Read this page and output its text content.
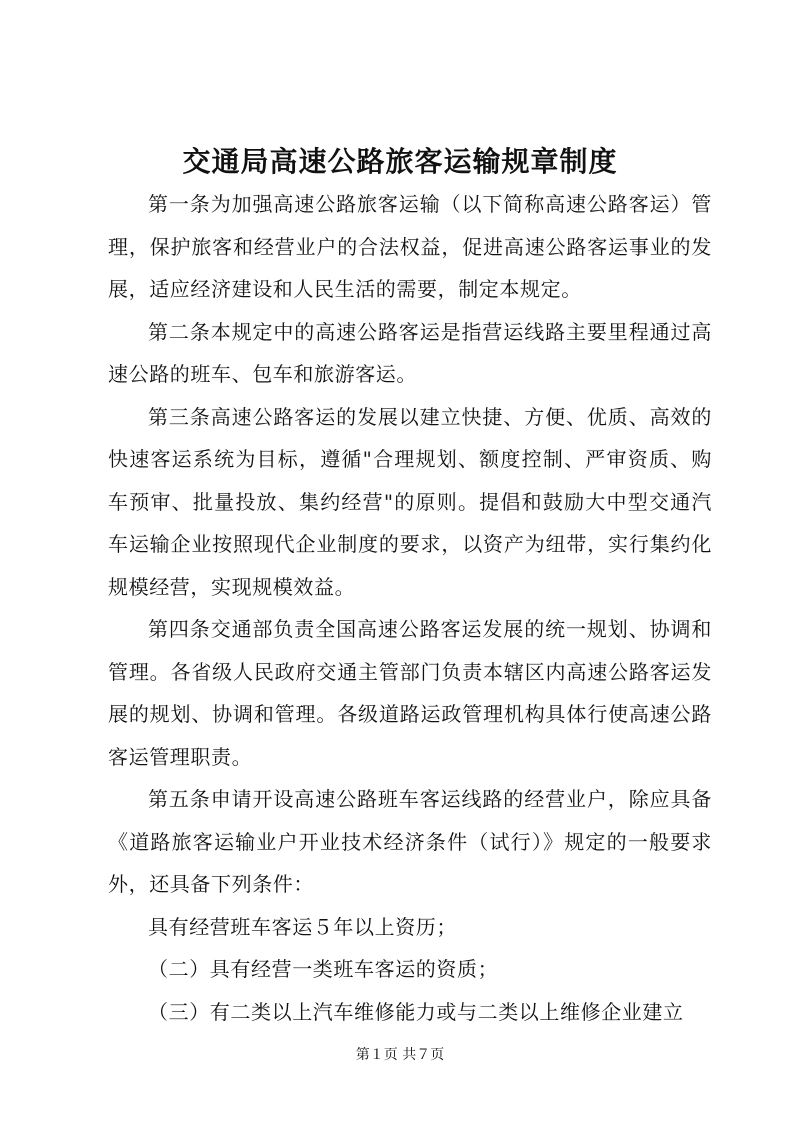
交通局高速公路旅客运输规章制度

第一条为加强高速公路旅客运输（以下简称高速公路客运）管理，保护旅客和经营业户的合法权益，促进高速公路客运事业的发展，适应经济建设和人民生活的需要，制定本规定。

第二条本规定中的高速公路客运是指营运线路主要里程通过高速公路的班车、包车和旅游客运。

第三条高速公路客运的发展以建立快捷、方便、优质、高效的快速客运系统为目标，遵循"合理规划、额度控制、严审资质、购车预审、批量投放、集约经营"的原则。提倡和鼓励大中型交通汽车运输企业按照现代企业制度的要求，以资产为纽带，实行集约化规模经营，实现规模效益。

第四条交通部负责全国高速公路客运发展的统一规划、协调和管理。各省级人民政府交通主管部门负责本辖区内高速公路客运发展的规划、协调和管理。各级道路运政管理机构具体行使高速公路客运管理职责。

第五条申请开设高速公路班车客运线路的经营业户，除应具备《道路旅客运输业户开业技术经济条件（试行）》规定的一般要求外，还具备下列条件：

具有经营班车客运５年以上资历；

（二）具有经营一类班车客运的资质；

（三）有二类以上汽车维修能力或与二类以上维修企业建立

第１页 共７页
